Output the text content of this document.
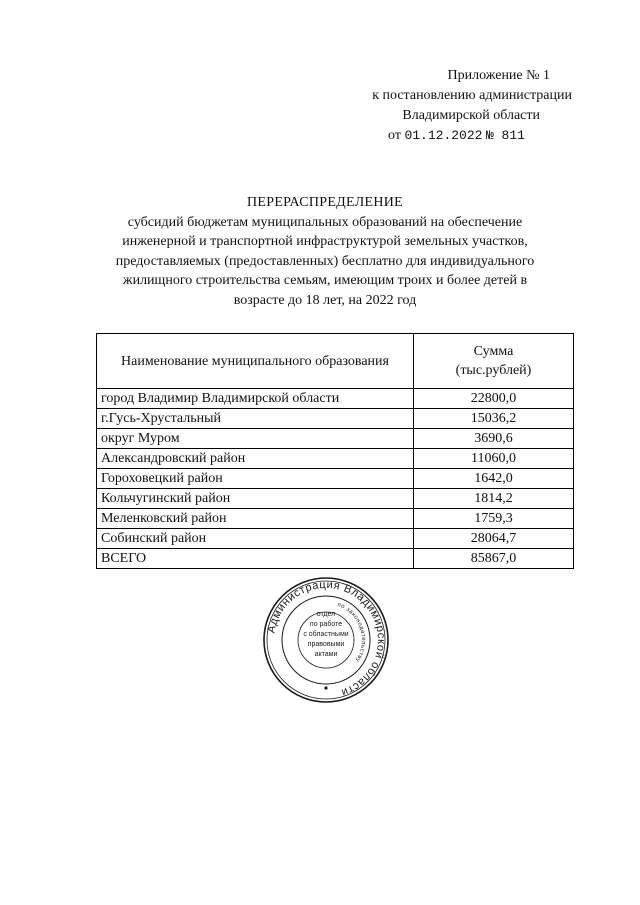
Приложение № 1
к постановлению администрации
Владимирской области
от 01.12.2022 № 811
ПЕРЕРАСПРЕДЕЛЕНИЕ
субсидий бюджетам муниципальных образований на обеспечение
инженерной и транспортной инфраструктурой земельных участков,
предоставляемых (предоставленных) бесплатно для индивидуального
жилищного строительства семьям, имеющим троих и более детей в
возрасте до 18 лет, на 2022 год
Наименование муниципального образования	Сумма
(тыс.рублей)

город Владимир Владимирской области	22800,0
г.Гусь-Хрустальный	15036,2
округ Муром	3690,6
Александровский район	11060,0
Гороховецкий район	1642,0
Кольчугинский район	1814,2
Меленковский район	1759,3
Собинский район	28064,7
ВСЕГО	85867,0
Администрация Владимирской области
по законодательству
отдел
по работе
с областными
правовыми
актами
